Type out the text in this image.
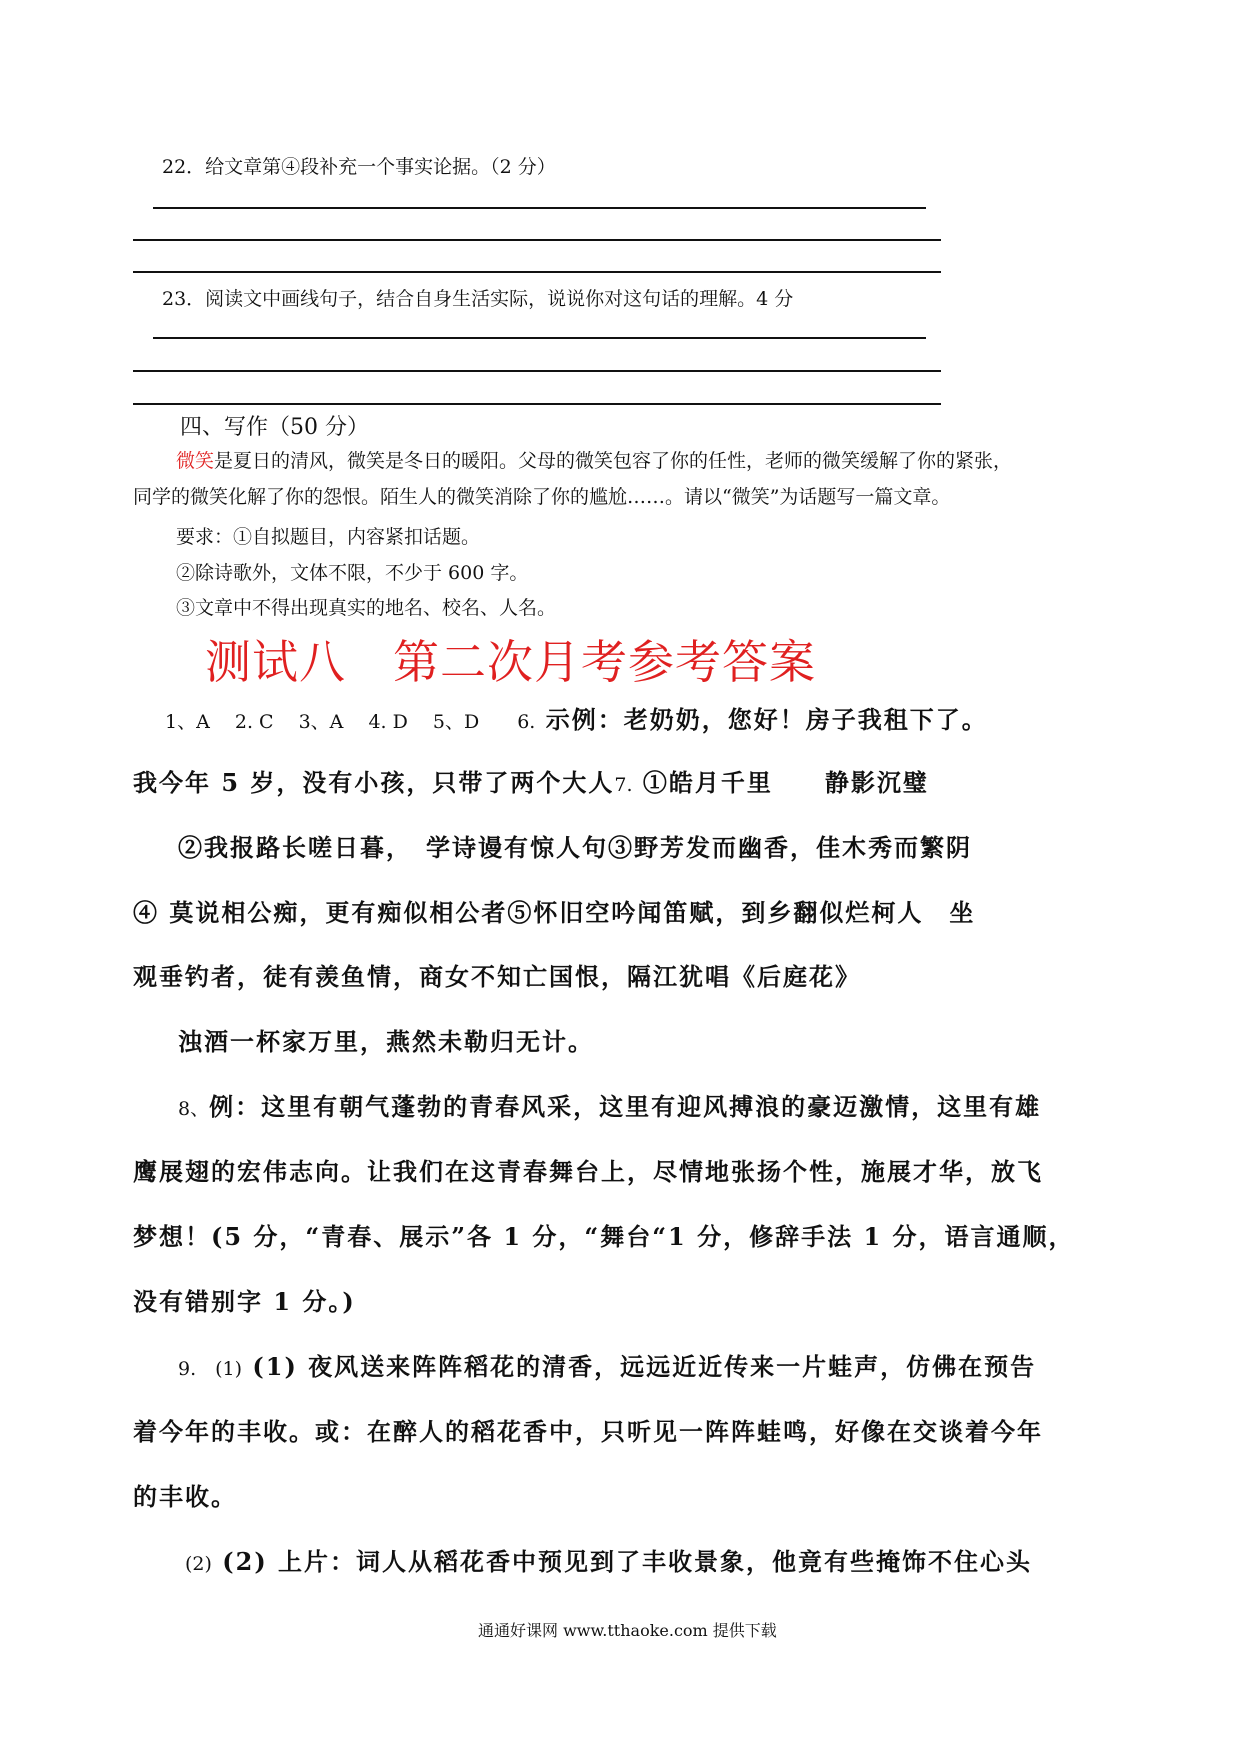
22．给文章第④段补充一个事实论据。（2 分）
23．阅读文中画线句子，结合自身生活实际，说说你对这句话的理解。4 分
四、写作（50 分）
微笑是夏日的清风，微笑是冬日的暖阳。父母的微笑包容了你的任性，老师的微笑缓解了你的紧张，
同学的微笑化解了你的怨恨。陌生人的微笑消除了你的尴尬……。请以“微笑”为话题写一篇文章。
要求：①自拟题目，内容紧扣话题。
②除诗歌外，文体不限，不少于 600 字。
③文章中不得出现真实的地名、校名、人名。
测试八　第二次月考参考答案
1、A　 2. C　 3、A　 4. D　 5、D　　6. 示例：老奶奶，您好！房子我租下了。
我今年 5 岁，没有小孩，只带了两个大人7. ①皓月千里　　静影沉璧
②我报路长嗟日暮，　学诗谩有惊人句③野芳发而幽香，佳木秀而繁阴
④ 莫说相公痴，更有痴似相公者⑤怀旧空吟闻笛赋，到乡翻似烂柯人　坐
观垂钓者，徒有羡鱼情，商女不知亡国恨，隔江犹唱《后庭花》
浊酒一杯家万里，燕然未勒归无计。
8、例：这里有朝气蓬勃的青春风采，这里有迎风搏浪的豪迈激情，这里有雄
鹰展翅的宏伟志向。让我们在这青春舞台上，尽情地张扬个性，施展才华，放飞
梦想！(5 分，“青春、展示”各 1 分，“舞台“1 分，修辞手法 1 分，语言通顺，
没有错别字 1 分。)
9.　(1) (1) 夜风送来阵阵稻花的清香，远远近近传来一片蛙声，仿佛在预告
着今年的丰收。或：在醉人的稻花香中，只听见一阵阵蛙鸣，好像在交谈着今年
的丰收。
(2) (2) 上片：词人从稻花香中预见到了丰收景象，他竟有些掩饰不住心头
通通好课网 www.tthaoke.com 提供下载
